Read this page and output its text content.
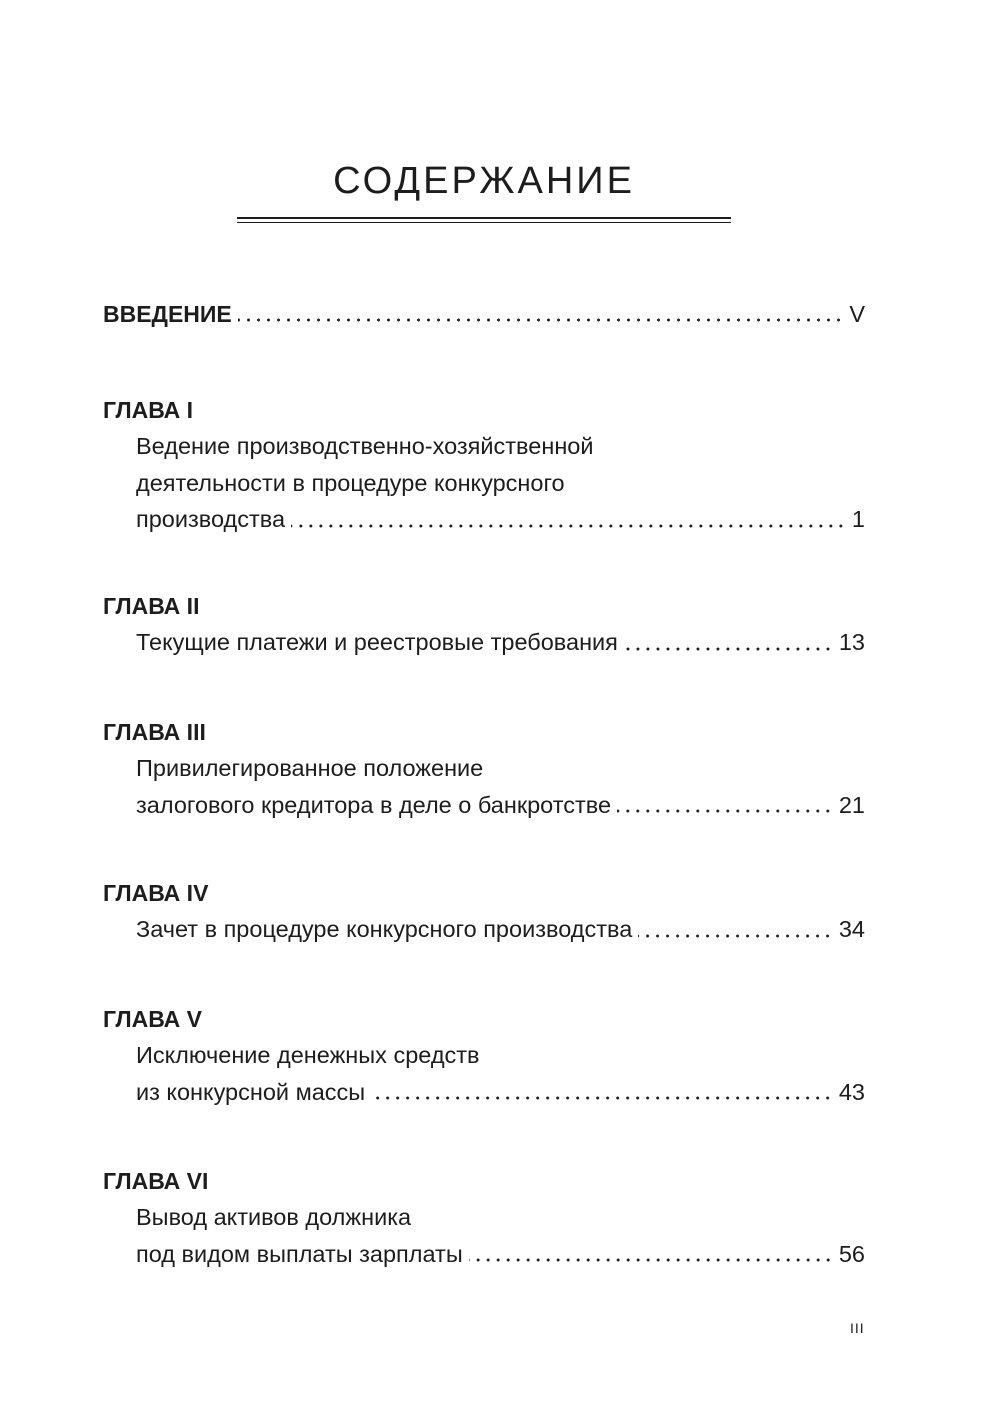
СОДЕРЖАНИЕ
ВВЕДЕНИЕ	V
ГЛАВА I
Ведение производственно-хозяйственной
деятельности в процедуре конкурсного
производства	1
ГЛАВА II
Текущие платежи и реестровые требования	13
ГЛАВА III
Привилегированное положение
залогового кредитора в деле о банкротстве	21
ГЛАВА IV
Зачет в процедуре конкурсного производства	34
ГЛАВА V
Исключение денежных средств
из конкурсной массы	43
ГЛАВА VI
Вывод активов должника
под видом выплаты зарплаты	56
III
